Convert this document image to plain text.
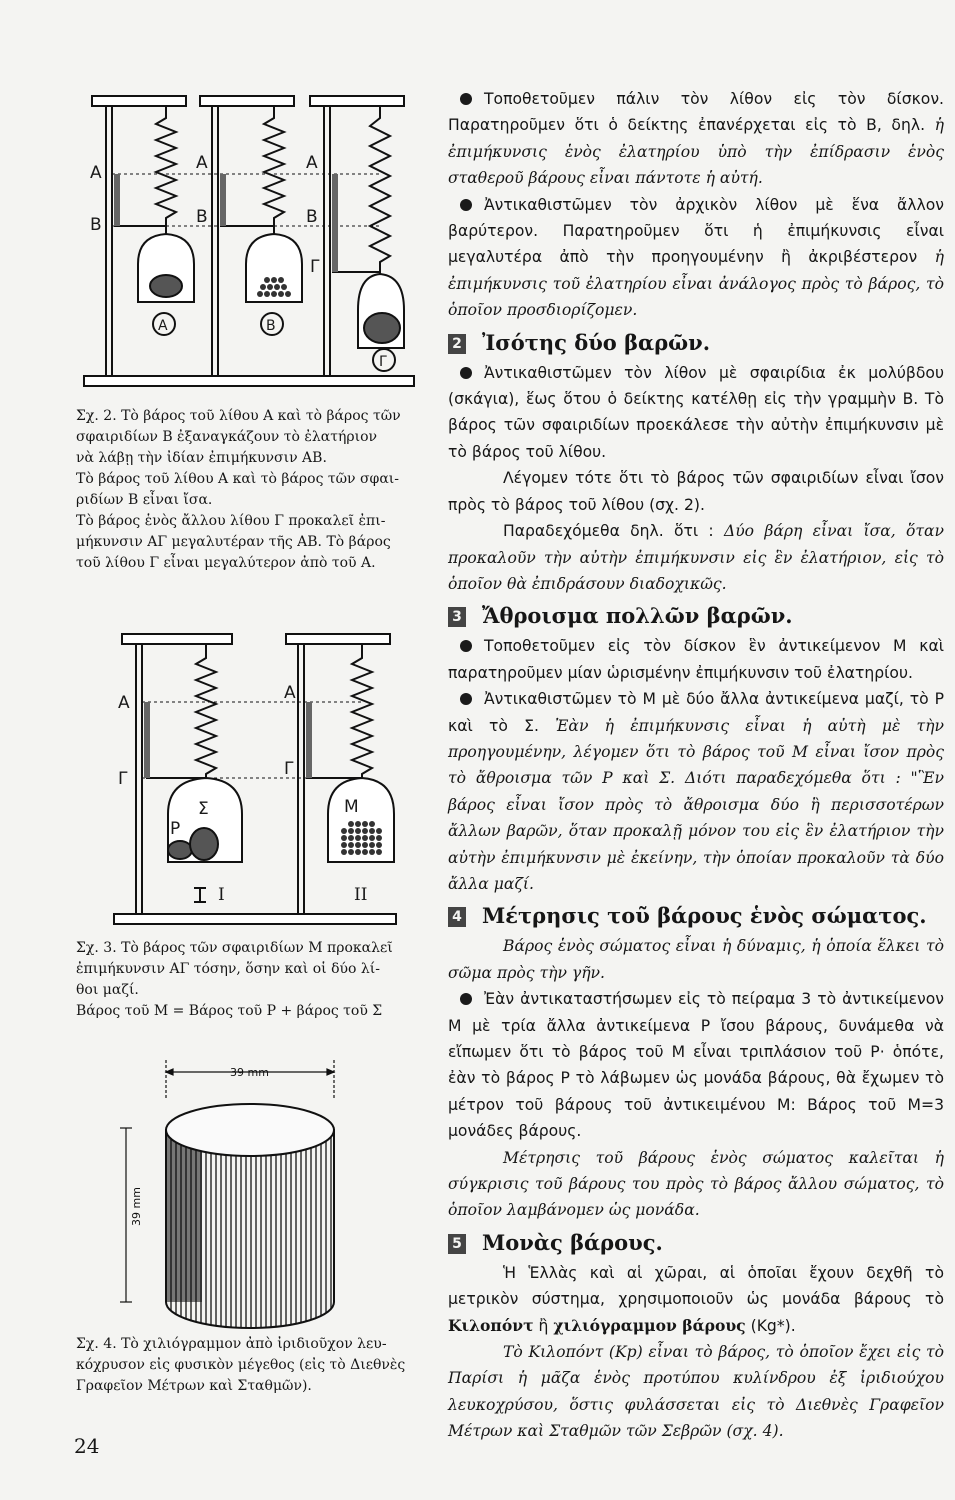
A
B
A
B
A
B
Γ
A	B
Γ

Σχ. 2. Τὸ βάρος τοῦ λίθου Α καὶ τὸ βάρος τῶν

σφαιριδίων Β ἐξαναγκάζουν τὸ ἐλατήριον

νὰ λάβῃ τὴν ἰδίαν ἐπιμήκυνσιν ΑΒ.

Τὸ βάρος τοῦ λίθου Α καὶ τὸ βάρος τῶν σφαι-

ριδίων Β εἶναι ἴσα.

Τὸ βάρος ἑνὸς ἄλλου λίθου Γ προκαλεῖ ἐπι-

μήκυνσιν ΑΓ μεγαλυτέραν τῆς ΑΒ. Τὸ βάρος

τοῦ λίθου Γ εἶναι μεγαλύτερον ἀπὸ τοῦ Α.

A
Γ
A
Γ
P
Σ	M
I	II

Σχ. 3. Τὸ βάρος τῶν σφαιριδίων Μ προκαλεῖ

ἐπιμήκυνσιν ΑΓ τόσην, ὅσην καὶ οἱ δύο λί-

θοι μαζί.

Βάρος τοῦ Μ = Βάρος τοῦ Ρ + βάρος τοῦ Σ

39 mm
39 mm

Σχ. 4. Τὸ χιλιόγραμμον ἀπὸ ἰριδιοῦχον λευ-

κόχρυσον εἰς φυσικὸν μέγεθος (εἰς τὸ Διεθνὲς

Γραφεῖον Μέτρων καὶ Σταθμῶν).

Τοποθετοῦμεν πάλιν τὸν λίθον εἰς τὸν δίσκον. Παρατηροῦμεν ὅτι ὁ δείκτης ἐπανέρχεται εἰς τὸ Β, δηλ. ἡ ἐπιμήκυνσις ἑνὸς ἐλατηρίου ὑπὸ τὴν ἐπίδρασιν ἑνὸς σταθεροῦ βάρους εἶναι πάντοτε ἡ αὐτή.

Ἀντικαθιστῶμεν τὸν ἀρχικὸν λίθον μὲ ἕνα ἄλλον βαρύτερον. Παρατηροῦμεν ὅτι ἡ ἐπιμήκυνσις εἶναι μεγαλυτέρα ἀπὸ τὴν προηγουμένην ἢ ἀκριβέστερον ἡ ἐπιμήκυνσις τοῦ ἐλατηρίου εἶναι ἀνάλογος πρὸς τὸ βάρος, τὸ ὁποῖον προσδιορίζομεν.

2 Ἰσότης δύο βαρῶν.

Ἀντικαθιστῶμεν τὸν λίθον μὲ σφαιρίδια ἐκ μολύβδου (σκάγια), ἕως ὅτου ὁ δείκτης κατέλθῃ εἰς τὴν γραμμὴν Β. Τὸ βάρος τῶν σφαιριδίων προεκάλεσε τὴν αὐτὴν ἐπιμήκυνσιν μὲ τὸ βάρος τοῦ λίθου.

Λέγομεν τότε ὅτι τὸ βάρος τῶν σφαιριδίων εἶναι ἴσον πρὸς τὸ βάρος τοῦ λίθου (σχ. 2).

Παραδεχόμεθα δηλ. ὅτι : Δύο βάρη εἶναι ἴσα, ὅταν προκαλοῦν τὴν αὐτὴν ἐπιμήκυνσιν εἰς ἓν ἐλατήριον, εἰς τὸ ὁποῖον θὰ ἐπιδράσουν διαδοχικῶς.

3 Ἄθροισμα πολλῶν βαρῶν.

Τοποθετοῦμεν εἰς τὸν δίσκον ἓν ἀντικείμενον Μ καὶ παρατηροῦμεν μίαν ὡρισμένην ἐπιμήκυνσιν τοῦ ἐλατηρίου.

Ἀντικαθιστῶμεν τὸ Μ μὲ δύο ἄλλα ἀντικείμενα μαζί, τὸ Ρ καὶ τὸ Σ. Ἐὰν ἡ ἐπιμήκυνσις εἶναι ἡ αὐτὴ μὲ τὴν προηγουμένην, λέγομεν ὅτι τὸ βάρος τοῦ Μ εἶναι ἴσον πρὸς τὸ ἄθροισμα τῶν Ρ καὶ Σ. Διότι παραδεχόμεθα ὅτι : "Ἓν βάρος εἶναι ἴσον πρὸς τὸ ἄθροισμα δύο ἢ περισσοτέρων ἄλλων βαρῶν, ὅταν προκαλῇ μόνον του εἰς ἓν ἐλατήριον τὴν αὐτὴν ἐπιμήκυνσιν μὲ ἐκείνην, τὴν ὁποίαν προκαλοῦν τὰ δύο ἄλλα μαζί.

4 Μέτρησις τοῦ βάρους ἑνὸς σώματος.

Βάρος ἑνὸς σώματος εἶναι ἡ δύναμις, ἡ ὁποία ἕλκει τὸ σῶμα πρὸς τὴν γῆν.

Ἐὰν ἀντικαταστήσωμεν εἰς τὸ πείραμα 3 τὸ ἀντικείμενον Μ μὲ τρία ἄλλα ἀντικείμενα Ρ ἴσου βάρους, δυνάμεθα νὰ εἴπωμεν ὅτι τὸ βάρος τοῦ Μ εἶναι τριπλάσιον τοῦ Ρ· ὁπότε, ἐὰν τὸ βάρος Ρ τὸ λάβωμεν ὡς μονάδα βάρους, θὰ ἔχωμεν τὸ μέτρον τοῦ βάρους τοῦ ἀντικειμένου Μ: Βάρος τοῦ Μ=3 μονάδες βάρους.

Μέτρησις τοῦ βάρους ἑνὸς σώματος καλεῖται ἡ σύγκρισις τοῦ βάρους του πρὸς τὸ βάρος ἄλλου σώματος, τὸ ὁποῖον λαμβάνομεν ὡς μονάδα.

5 Μονὰς βάρους.

Ἡ Ἑλλὰς καὶ αἱ χῶραι, αἱ ὁποῖαι ἔχουν δεχθῆ τὸ μετρικὸν σύστημα, χρησιμοποιοῦν ὡς μονάδα βάρους τὸ Κιλοπόντ ἢ χιλιόγραμμον βάρους (Kg*).

Τὸ Κιλοπόντ (Kp) εἶναι τὸ βάρος, τὸ ὁποῖον ἔχει εἰς τὸ Παρίσι ἡ μᾶζα ἑνὸς προτύπου κυλίνδρου ἐξ ἰριδιούχου λευκοχρύσου, ὅστις φυλάσσεται εἰς τὸ Διεθνὲς Γραφεῖον Μέτρων καὶ Σταθμῶν τῶν Σεβρῶν (σχ. 4).

24
